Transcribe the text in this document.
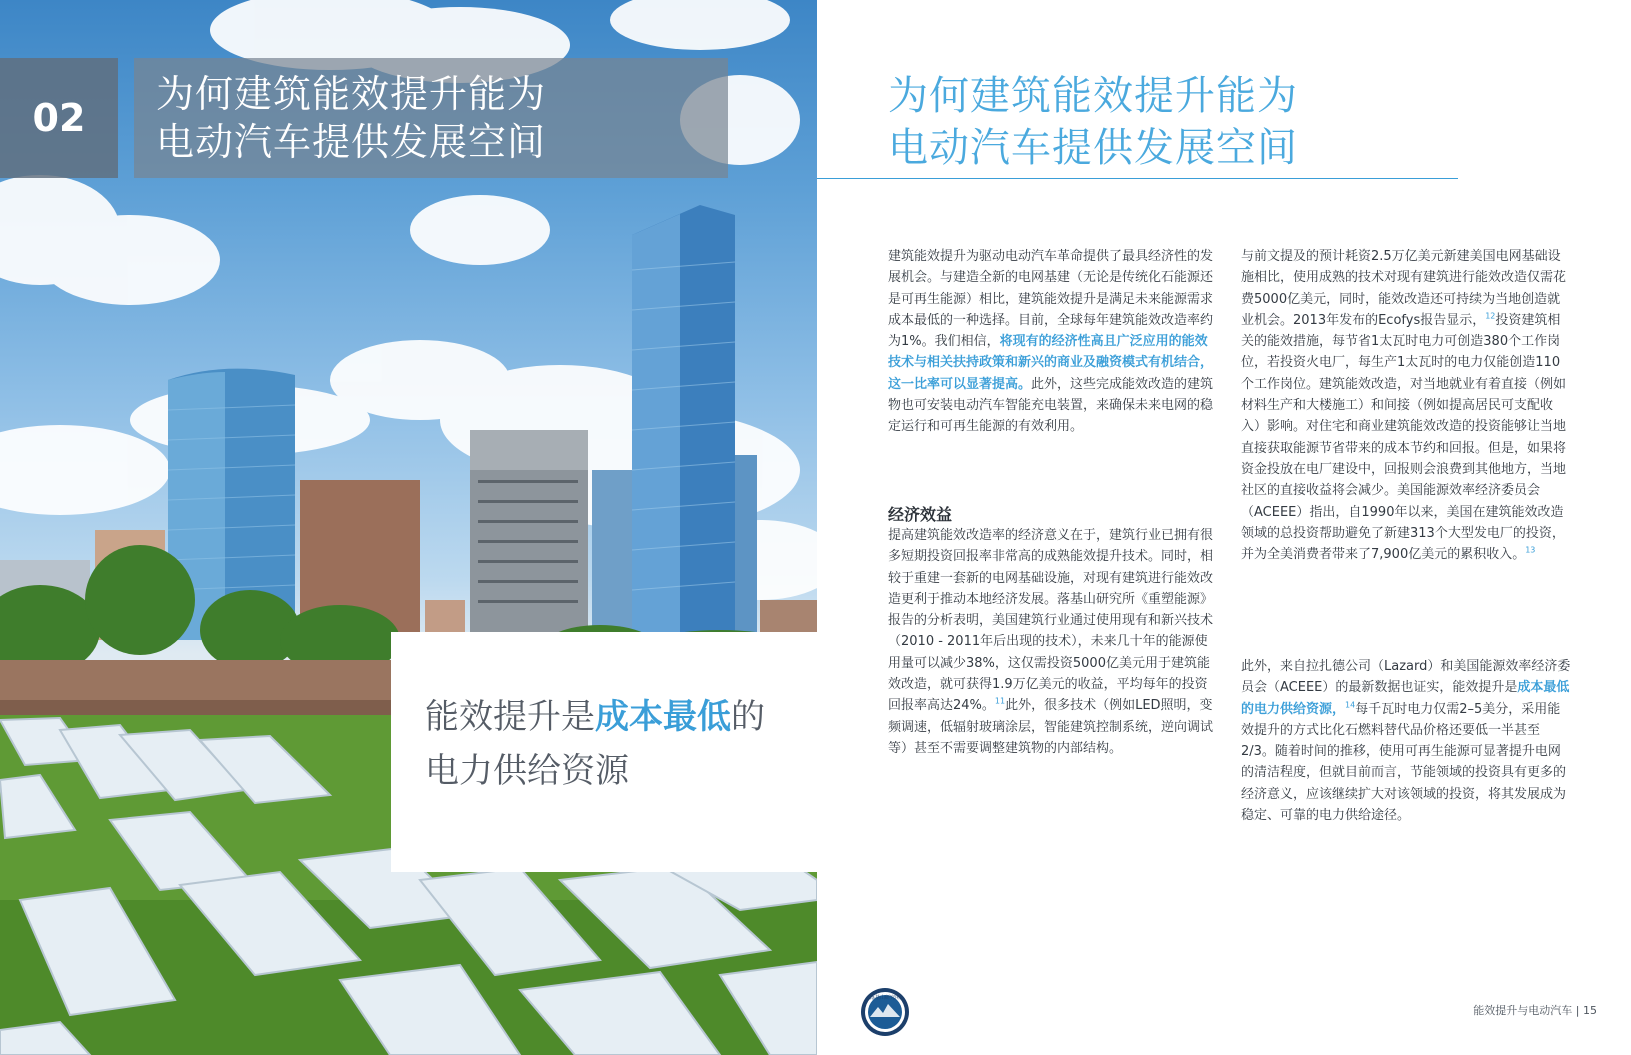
02
为何建筑能效提升能为
电动汽车提供发展空间
能效提升是成本最低的
电力供给资源
为何建筑能效提升能为
电动汽车提供发展空间

建筑能效提升为驱动电动汽车革命提供了最具经济性的发展机会。与建造全新的电网基建（无论是传统化石能源还是可再生能源）相比，建筑能效提升是满足未来能源需求成本最低的一种选择。目前，全球每年建筑能效改造率约为1%。我们相信，将现有的经济性高且广泛应用的能效技术与相关扶持政策和新兴的商业及融资模式有机结合，这一比率可以显著提高。此外，这些完成能效改造的建筑物也可安装电动汽车智能充电装置，来确保未来电网的稳定运行和可再生能源的有效利用。

经济效益

提高建筑能效改造率的经济意义在于，建筑行业已拥有很多短期投资回报率非常高的成熟能效提升技术。同时，相较于重建一套新的电网基础设施，对现有建筑进行能效改造更利于推动本地经济发展。落基山研究所《重塑能源》报告的分析表明，美国建筑行业通过使用现有和新兴技术（2010 - 2011年后出现的技术），未来几十年的能源使用量可以减少38%，这仅需投资5000亿美元用于建筑能效改造，就可获得1.9万亿美元的收益，平均每年的投资回报率高达24%。$^{11}$此外，很多技术（例如LED照明，变频调速，低辐射玻璃涂层，智能建筑控制系统，逆向调试等）甚至不需要调整建筑物的内部结构。

与前文提及的预计耗资2.5万亿美元新建美国电网基础设施相比，使用成熟的技术对现有建筑进行能效改造仅需花费5000亿美元，同时，能效改造还可持续为当地创造就业机会。2013年发布的Ecofys报告显示，$^{12}$投资建筑相关的能效措施，每节省1太瓦时电力可创造380个工作岗位，若投资火电厂，每生产1太瓦时的电力仅能创造110个工作岗位。建筑能效改造，对当地就业有着直接（例如材料生产和大楼施工）和间接（例如提高居民可支配收入）影响。对住宅和商业建筑能效改造的投资能够让当地直接获取能源节省带来的成本节约和回报。但是，如果将资金投放在电厂建设中，回报则会浪费到其他地方，当地社区的直接收益将会减少。美国能源效率经济委员会（ACEEE）指出，自1990年以来，美国在建筑能效改造领域的总投资帮助避免了新建313个大型发电厂的投资，并为全美消费者带来了7,900亿美元的累积收入。$^{13}$

此外，来自拉扎德公司（Lazard）和美国能源效率经济委员会（ACEEE）的最新数据也证实，能效提升是成本最低的电力供给资源，$^{14}$每千瓦时电力仅需2–5美分，采用能效提升的方式比化石燃料替代品价格还要低一半甚至2/3。随着时间的推移，使用可再生能源可显著提升电网的清洁程度，但就目前而言，节能领域的投资具有更多的经济意义，应该继续扩大对该领域的投资，将其发展成为稳定、可靠的电力供给途径。

落基山研究所
能效提升与电动汽车 | 15
